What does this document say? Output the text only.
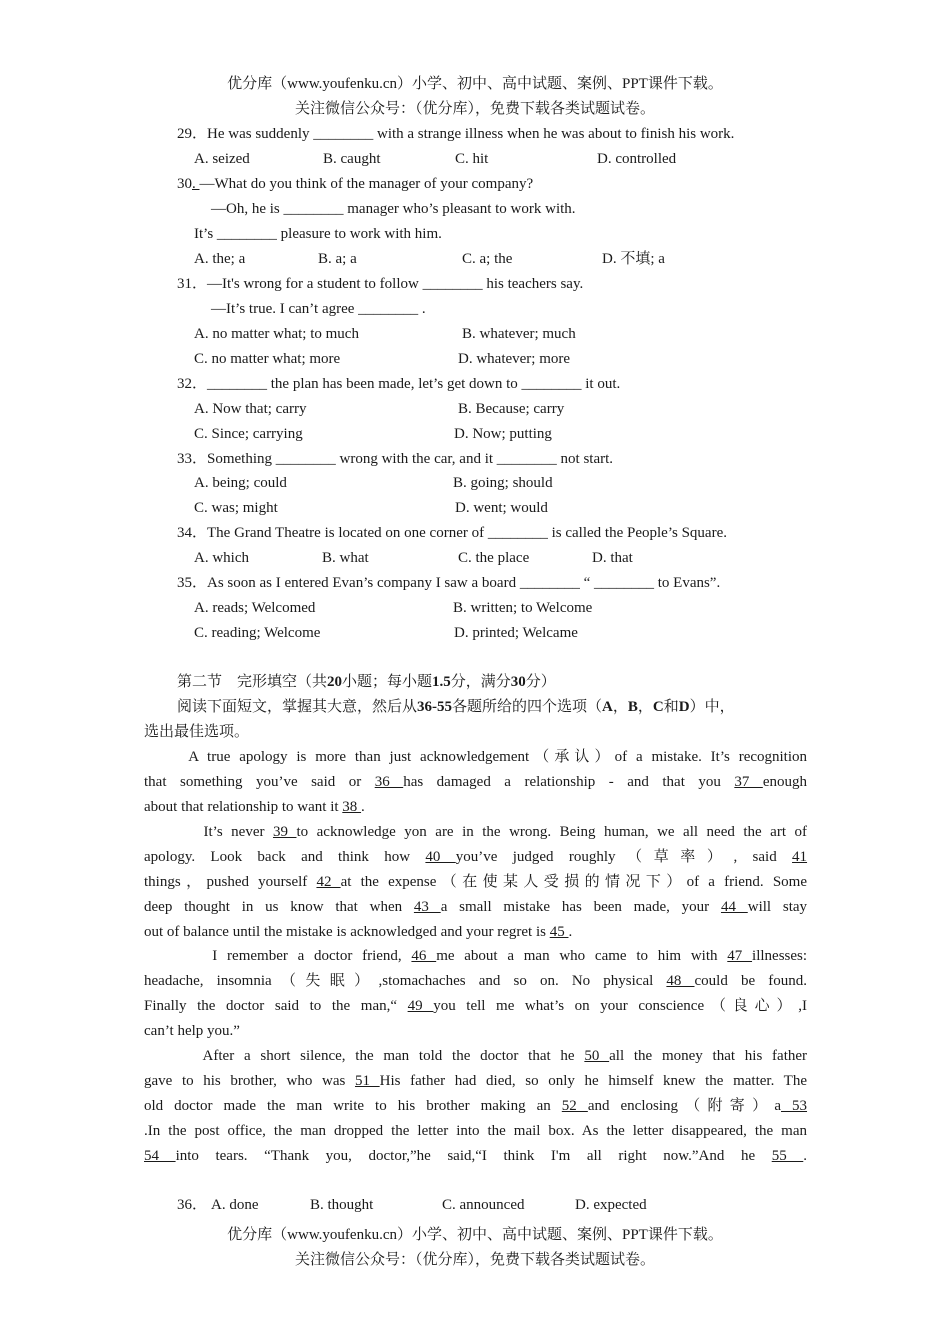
优分库（www.youfenku.cn）小学、初中、高中试题、案例、PPT课件下载。
关注微信公众号：（优分库），免费下载各类试题试卷。
29．He was suddenly ________ with a strange illness when he was about to finish his work.
A. seized	B. caught	C. hit	D. controlled
30. —What do you think of the manager of your company?
—Oh, he is ________ manager who’s pleasant to work with.
It’s ________ pleasure to work with him.
A. the; a	B. a; a	C. a; the	D. 不填; a
31．—It's wrong for a student to follow ________ his teachers say.
—It’s true. I can’t agree ________ .
A. no matter what; to much	B. whatever; much
C. no matter what; more	D. whatever; more
32．________ the plan has been made, let’s get down to ________ it out.
A. Now that; carry	B. Because; carry
C. Since; carrying	D. Now; putting
33．Something ________ wrong with the car, and it ________ not start.
A. being; could	B. going; should
C. was; might	D. went; would
34．The Grand Theatre is located on one corner of ________ is called the People’s Square.
A. which	B. what	C. the place	D. that
35．As soon as I entered Evan’s company I saw a board ________ “ ________ to Evans”.
A. reads; Welcomed	B. written; to Welcome
C. reading; Welcome	D. printed; Welcame
第二节　完形填空（共20小题；每小题1.5分，满分30分）
阅读下面短文，掌握其大意，然后从36-55各题所给的四个选项（A，B，C和D）中，
选出最佳选项。
A true apology is more than just acknowledgement（承认）of a mistake. It’s recognition
that something you’ve said or 36 has damaged a relationship - and that you 37 enough
about that relationship to want it 38 .
It’s never 39 to acknowledge yon are in the wrong. Being human, we all need the art of
apology. Look back and think how 40 you’ve judged roughly（草率）, said 41
things，pushed yourself 42 at the expense（在使某人受损的情况下）of a friend. Some
deep thought in us know that when 43 a small mistake has been made, your 44 will stay
out of balance until the mistake is acknowledged and your regret is 45 .
I remember a doctor friend, 46 me about a man who came to him with 47 illnesses:
headache, insomnia（失眠）,stomachaches and so on. No physical 48 could be found.
Finally the doctor said to the man,“ 49 you tell me what’s on your conscience（良心）,I
can’t help you.”
After a short silence, the man told the doctor that he 50 all the money that his father
gave to his brother, who was 51 His father had died, so only he himself knew the matter. The
old doctor made the man write to his brother making an 52 and enclosing（附寄）a 53
.In the post office, the man dropped the letter into the mail box. As the letter disappeared, the man
54 into tears. “Thank you, doctor,”he said,“I think I'm all right now.”And he 55 .
36． A. done	B. thought	C. announced	D. expected
优分库（www.youfenku.cn）小学、初中、高中试题、案例、PPT课件下载。
关注微信公众号：（优分库），免费下载各类试题试卷。
